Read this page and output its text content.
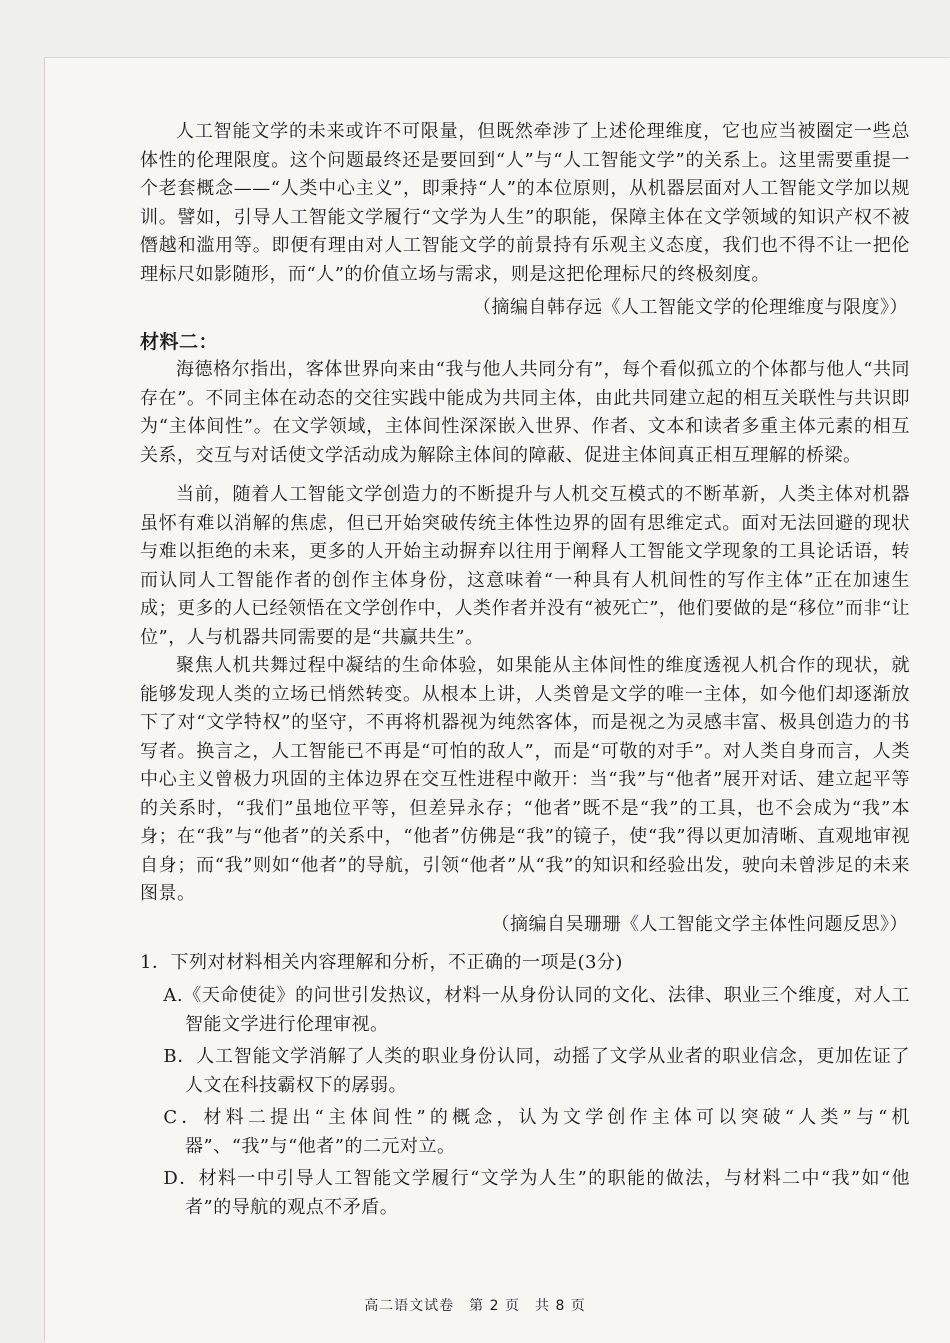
人工智能文学的未来或许不可限量，但既然牵涉了上述伦理维度，它也应当被圈定一些总体性的伦理限度。这个问题最终还是要回到“人”与“人工智能文学”的关系上。这里需要重提一个老套概念——“人类中心主义”，即秉持“人”的本位原则，从机器层面对人工智能文学加以规训。譬如，引导人工智能文学履行“文学为人生”的职能，保障主体在文学领域的知识产权不被僭越和滥用等。即便有理由对人工智能文学的前景持有乐观主义态度，我们也不得不让一把伦理标尺如影随形，而“人”的价值立场与需求，则是这把伦理标尺的终极刻度。

（摘编自韩存远《人工智能文学的伦理维度与限度》）

材料二：

海德格尔指出，客体世界向来由“我与他人共同分有”，每个看似孤立的个体都与他人“共同存在”。不同主体在动态的交往实践中能成为共同主体，由此共同建立起的相互关联性与共识即为“主体间性”。在文学领域，主体间性深深嵌入世界、作者、文本和读者多重主体元素的相互关系，交互与对话使文学活动成为解除主体间的障蔽、促进主体间真正相互理解的桥梁。

当前，随着人工智能文学创造力的不断提升与人机交互模式的不断革新，人类主体对机器虽怀有难以消解的焦虑，但已开始突破传统主体性边界的固有思维定式。面对无法回避的现状与难以拒绝的未来，更多的人开始主动摒弃以往用于阐释人工智能文学现象的工具论话语，转而认同人工智能作者的创作主体身份，这意味着“一种具有人机间性的写作主体”正在加速生成；更多的人已经领悟在文学创作中，人类作者并没有“被死亡”，他们要做的是“移位”而非“让位”，人与机器共同需要的是“共赢共生”。

聚焦人机共舞过程中凝结的生命体验，如果能从主体间性的维度透视人机合作的现状，就能够发现人类的立场已悄然转变。从根本上讲，人类曾是文学的唯一主体，如今他们却逐渐放下了对“文学特权”的坚守，不再将机器视为纯然客体，而是视之为灵感丰富、极具创造力的书写者。换言之，人工智能已不再是“可怕的敌人”，而是“可敬的对手”。对人类自身而言，人类中心主义曾极力巩固的主体边界在交互性进程中敞开：当“我”与“他者”展开对话、建立起平等的关系时，“我们”虽地位平等，但差异永存；“他者”既不是“我”的工具，也不会成为“我”本身；在“我”与“他者”的关系中，“他者”仿佛是“我”的镜子，使“我”得以更加清晰、直观地审视自身；而“我”则如“他者”的导航，引领“他者”从“我”的知识和经验出发，驶向未曾涉足的未来图景。

（摘编自吴珊珊《人工智能文学主体性问题反思》）

1．下列对材料相关内容理解和分析，不正确的一项是(3分)

A.《天命使徒》的问世引发热议，材料一从身份认同的文化、法律、职业三个维度，对人工智能文学进行伦理审视。

B．人工智能文学消解了人类的职业身份认同，动摇了文学从业者的职业信念，更加佐证了人文在科技霸权下的孱弱。

C．材料二提出“主体间性”的概念，认为文学创作主体可以突破“人类”与“机器”、“我”与“他者”的二元对立。

D．材料一中引导人工智能文学履行“文学为人生”的职能的做法，与材料二中“我”如“他者”的导航的观点不矛盾。

高二语文试卷　第 2 页　共 8 页
